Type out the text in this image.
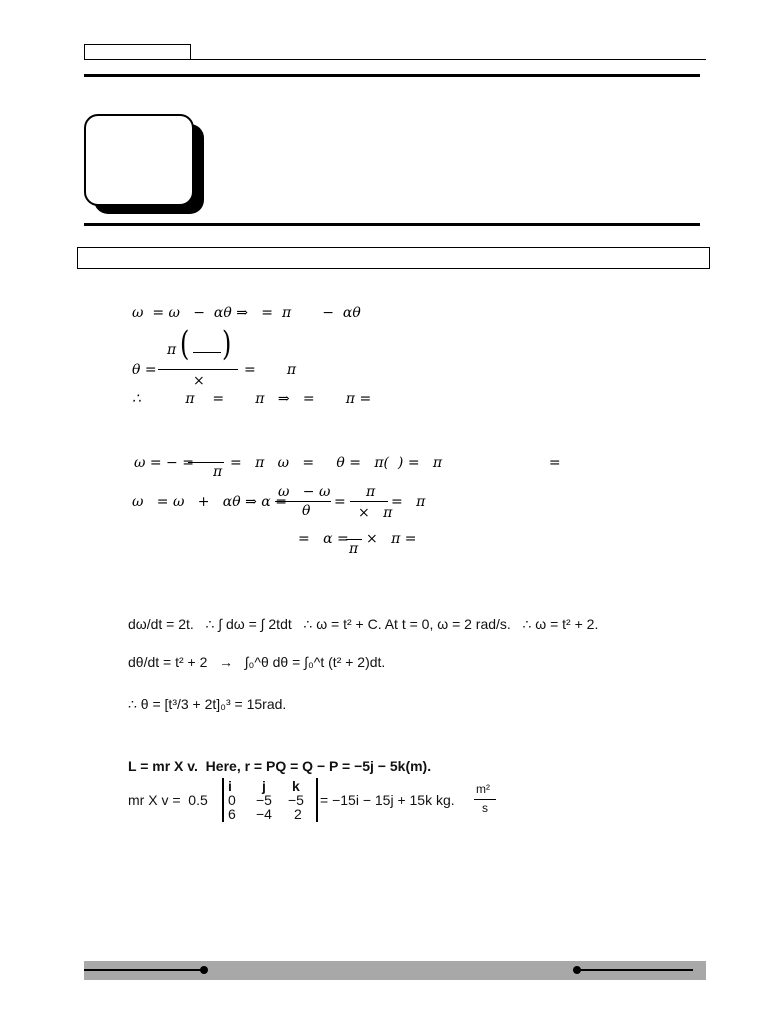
ω  = ω   −  αθ ⇒   =  π       −  αθ
π ( )
θ =
×
=       π
∴          π    =       π   ⇒   =       π =
ω = − =
π
=   π   ω   =     θ =   π(  ) =   π                        =
ω   = ω   +   αθ ⇒ α =
ω   − ω
θ
=
π
×   π
=   π
=   α =
π
×   π =
dω/dt = 2t.   ∴ ∫ dω = ∫ 2tdt   ∴ ω = t² + C. At t = 0, ω = 2 rad/s.   ∴ ω = t² + 2.
dθ/dt = t² + 2   →   ∫₀^θ dθ = ∫₀^t (t² + 2)dt.
∴ θ = [t³/3 + 2t]₀³ = 15rad.
L = mr X v.  Here, r = PQ = Q − P = −5j − 5k(m).
mr X v =  0.5
i j k
0 −5 −5
6 −4 2
= −15i − 15j + 15k kg.
m²
s
